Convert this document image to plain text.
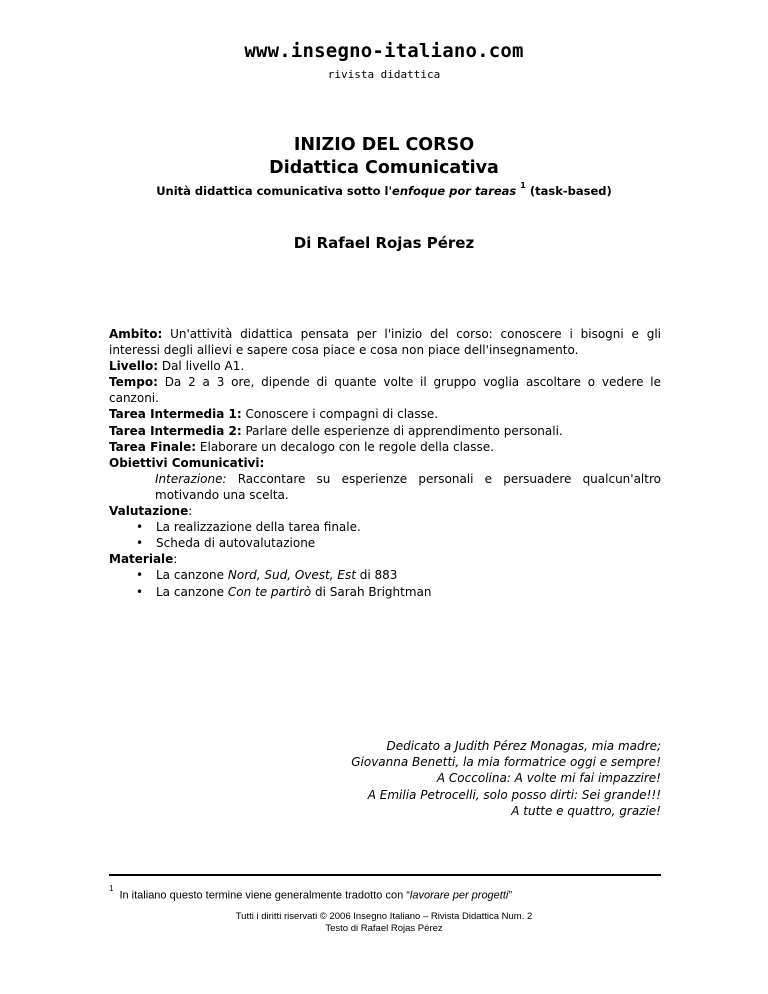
www.insegno-italiano.com
rivista didattica
INIZIO DEL CORSO
Didattica Comunicativa
Unità didattica comunicativa sotto l'enfoque por tareas $^1$ (task-based)
Di Rafael Rojas Pérez

Ambito: Un'attività didattica pensata per l'inizio del corso: conoscere i bisogni e gli interessi degli allievi e sapere cosa piace e cosa non piace dell'insegnamento.

Livello: Dal livello A1.

Tempo: Da 2 a 3 ore, dipende di quante volte il gruppo voglia ascoltare o vedere le canzoni.

Tarea Intermedia 1: Conoscere i compagni di classe.

Tarea Intermedia 2: Parlare delle esperienze di apprendimento personali.

Tarea Finale: Elaborare un decalogo con le regole della classe.

Obiettivi Comunicativi:

Interazione: Raccontare su esperienze personali e persuadere qualcun'altro motivando una scelta.

Valutazione:

• La realizzazione della tarea finale.
• Scheda di autovalutazione

Materiale:

• La canzone Nord, Sud, Ovest, Est di 883
• La canzone Con te partirò di Sarah Brightman
Dedicato a Judith Pérez Monagas, mia madre;
Giovanna Benetti, la mia formatrice oggi e sempre!
A Coccolina: A volte mi fai impazzire!
A Emilia Petrocelli, solo posso dirti: Sei grande!!!
A tutte e quattro, grazie!
$^1$In italiano questo termine viene generalmente tradotto con “lavorare per progetti”
Tutti i diritti riservati © 2006 Insegno Italiano – Rivista Didattica Num. 2
Testo di Rafael Rojas Pérez
